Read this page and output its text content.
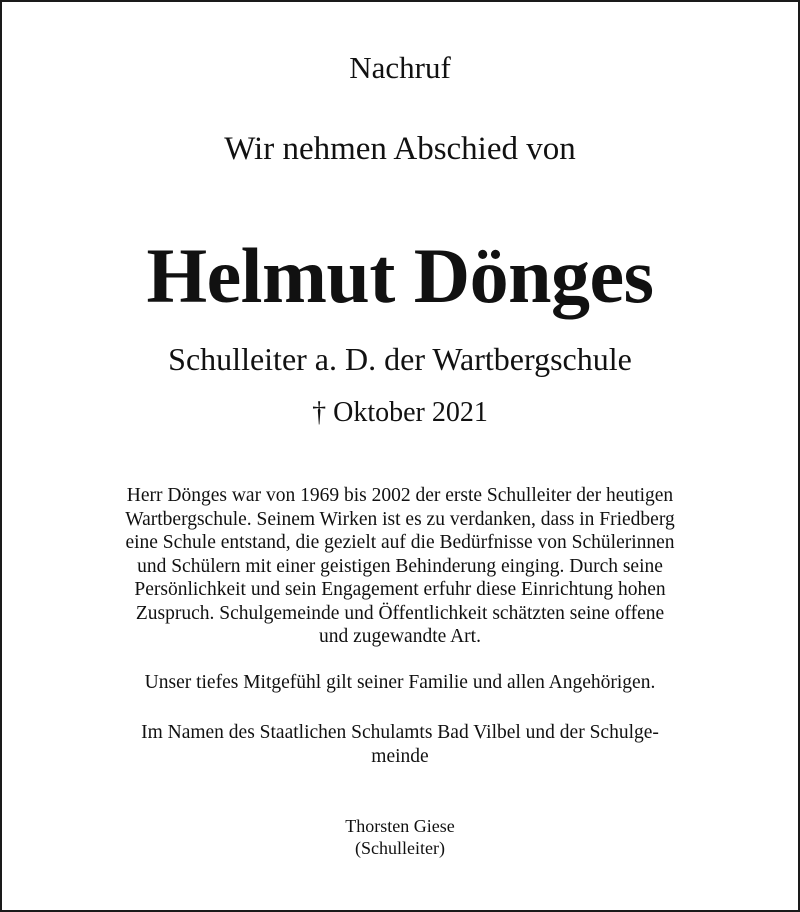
Nachruf
Wir nehmen Abschied von
Helmut Dönges
Schulleiter a. D. der Wartbergschule
† Oktober 2021
Herr Dönges war von 1969 bis 2002 der erste Schulleiter der heutigen
Wartbergschule. Seinem Wirken ist es zu verdanken, dass in Friedberg
eine Schule entstand, die gezielt auf die Bedürfnisse von Schülerinnen
und Schülern mit einer geistigen Behinderung einging. Durch seine
Persönlichkeit und sein Engagement erfuhr diese Einrichtung hohen
Zuspruch. Schulgemeinde und Öffentlichkeit schätzten seine offene
und zugewandte Art.
Unser tiefes Mitgefühl gilt seiner Familie und allen Angehörigen.
Im Namen des Staatlichen Schulamts Bad Vilbel und der Schulge-
meinde
Thorsten Giese
(Schulleiter)
